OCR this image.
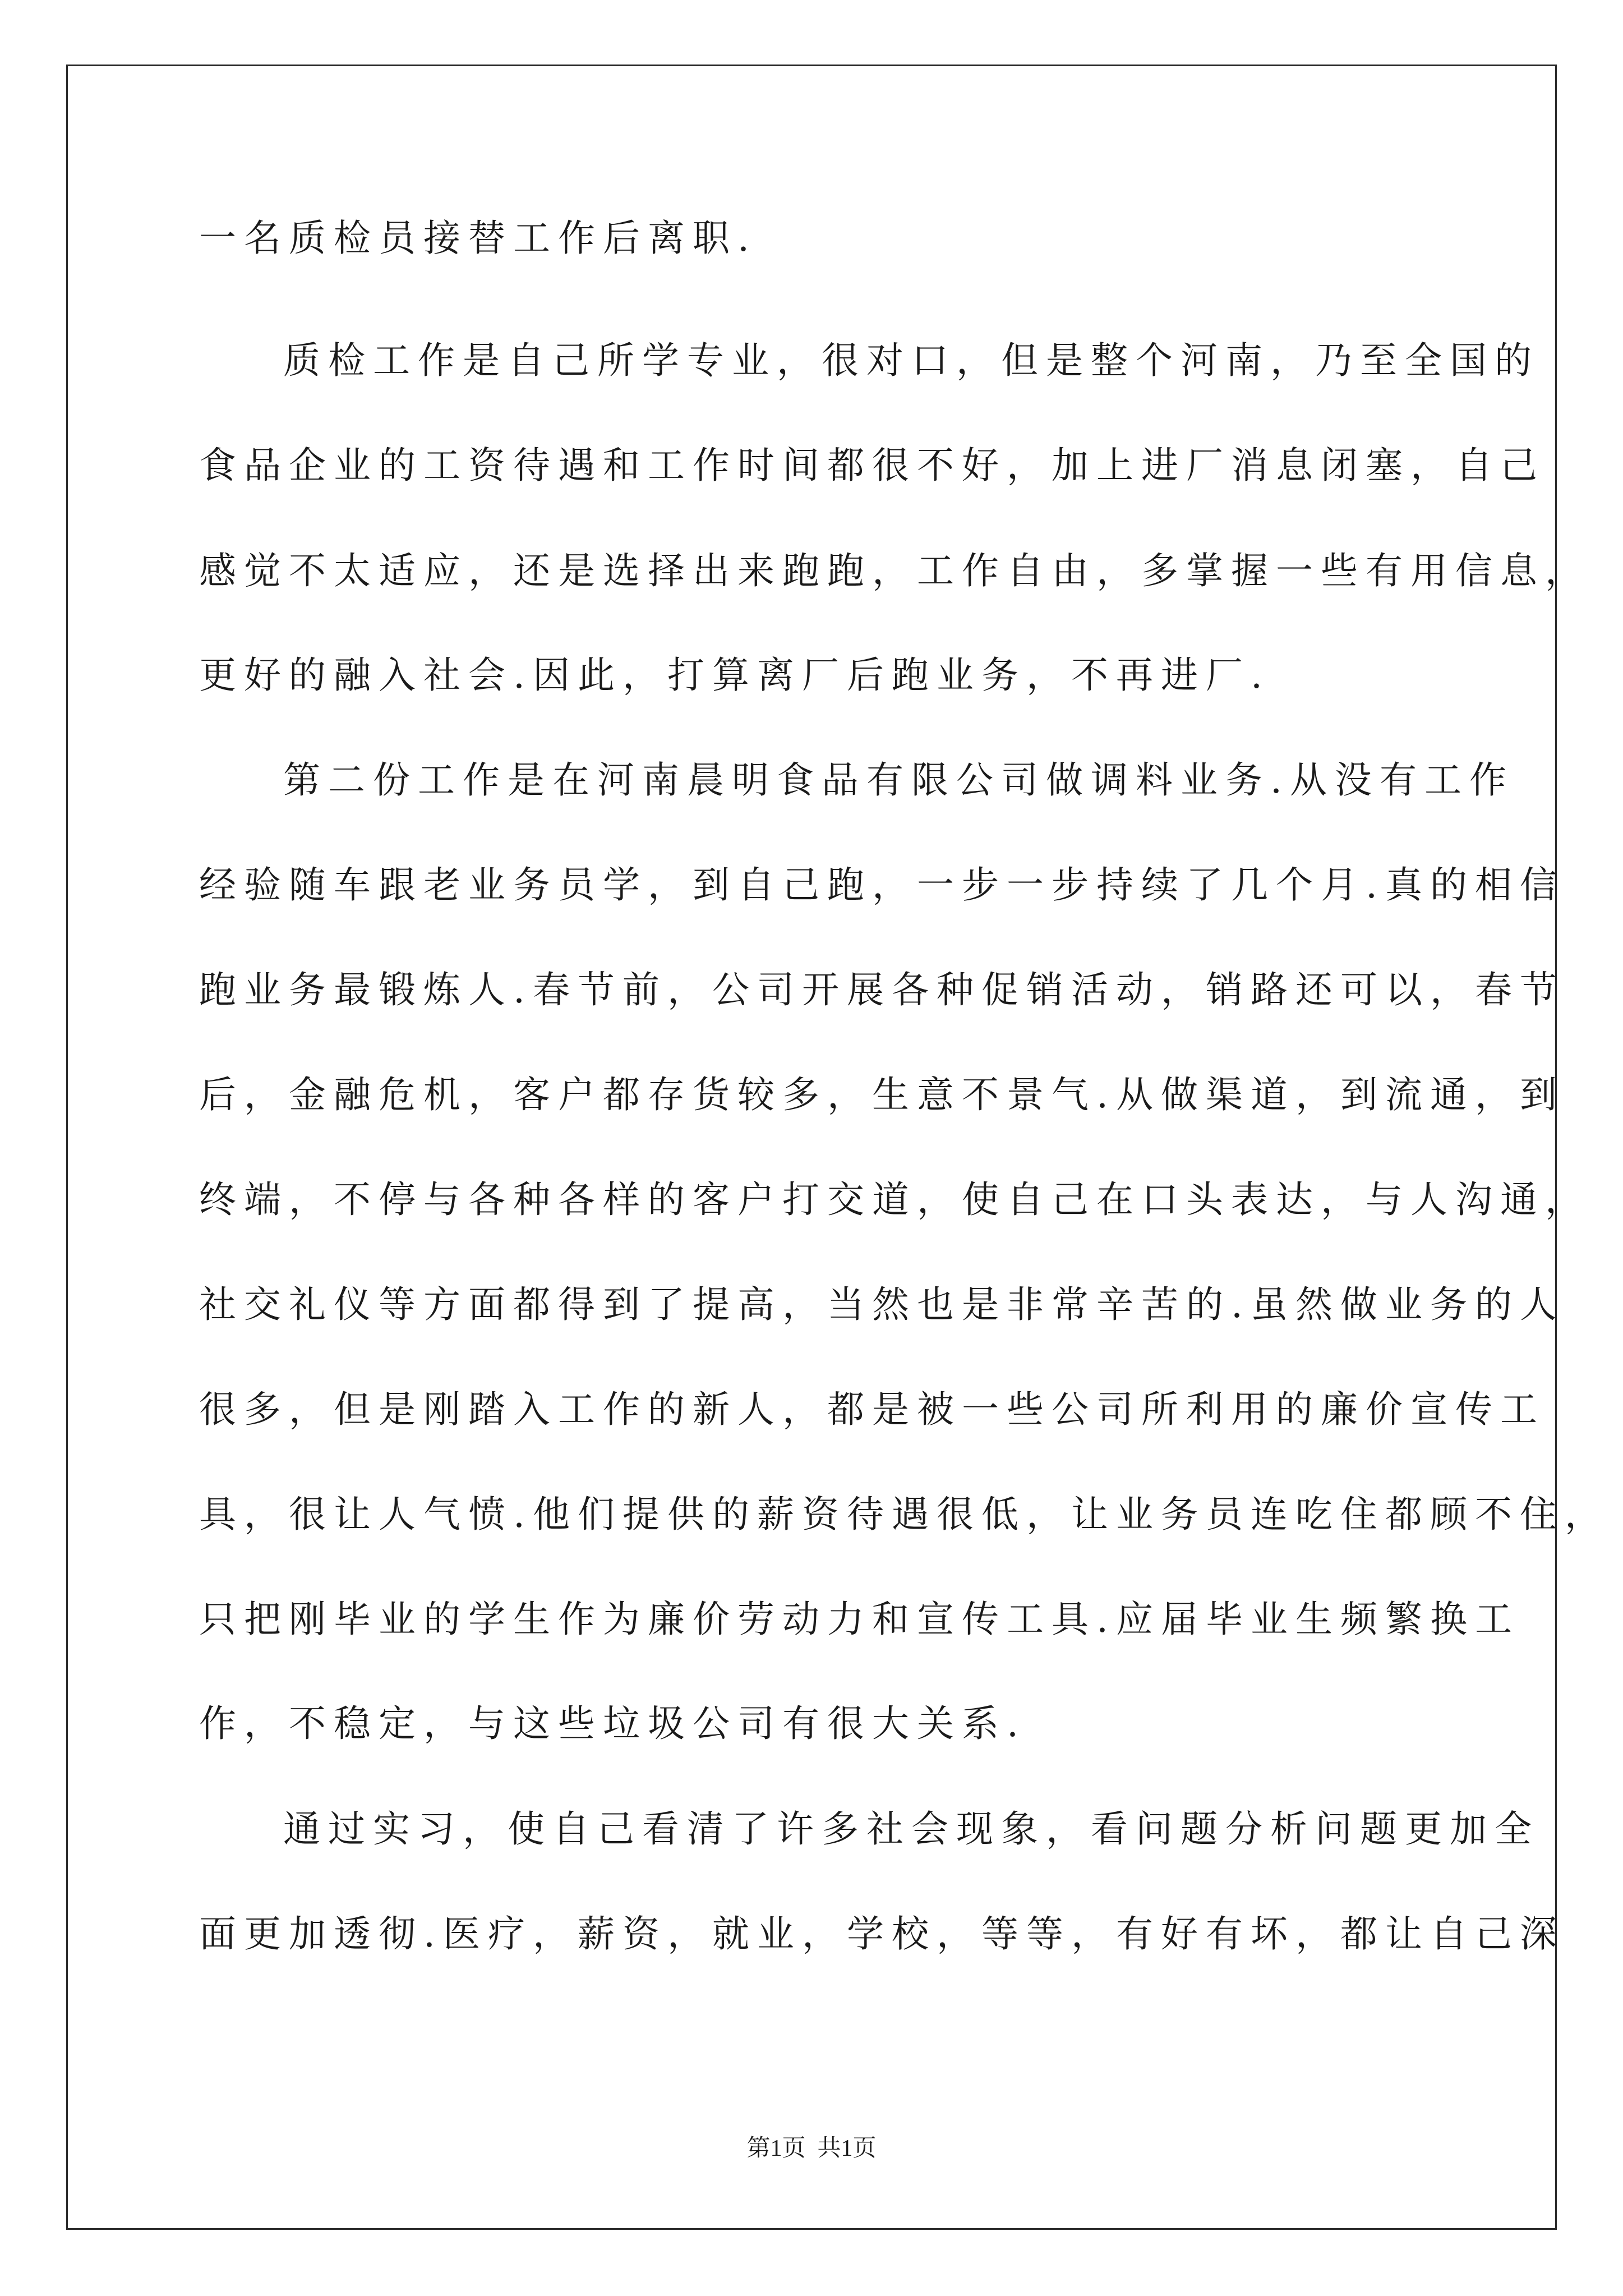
一名质检员接替工作后离职.
质检工作是自己所学专业，很对口，但是整个河南，乃至全国的
食品企业的工资待遇和工作时间都很不好，加上进厂消息闭塞，自己
感觉不太适应，还是选择出来跑跑，工作自由，多掌握一些有用信息，
更好的融入社会.因此，打算离厂后跑业务，不再进厂.
第二份工作是在河南晨明食品有限公司做调料业务.从没有工作
经验随车跟老业务员学，到自己跑，一步一步持续了几个月.真的相信
跑业务最锻炼人.春节前，公司开展各种促销活动，销路还可以，春节
后，金融危机，客户都存货较多，生意不景气.从做渠道，到流通，到
终端，不停与各种各样的客户打交道，使自己在口头表达，与人沟通，
社交礼仪等方面都得到了提高，当然也是非常辛苦的.虽然做业务的人
很多，但是刚踏入工作的新人，都是被一些公司所利用的廉价宣传工
具，很让人气愤.他们提供的薪资待遇很低，让业务员连吃住都顾不住，
只把刚毕业的学生作为廉价劳动力和宣传工具.应届毕业生频繁换工
作，不稳定，与这些垃圾公司有很大关系.
通过实习，使自己看清了许多社会现象，看问题分析问题更加全
面更加透彻.医疗，薪资，就业，学校，等等，有好有坏，都让自己深
第1页  共1页
